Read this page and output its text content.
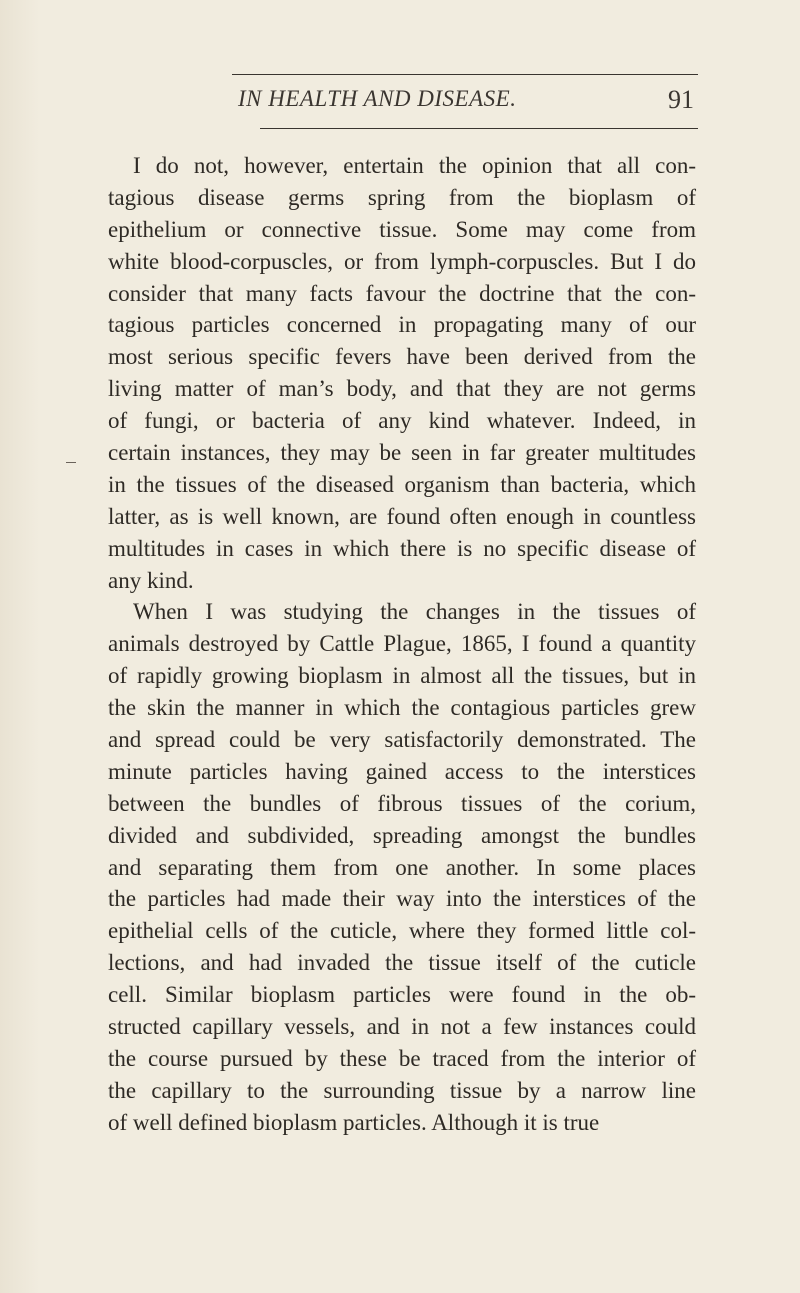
IN HEALTH AND DISEASE.	91
I do not, however, entertain the opinion that all con-
tagious disease germs spring from the bioplasm of
epithelium or connective tissue. Some may come from
white blood-corpuscles, or from lymph-corpuscles. But I do
consider that many facts favour the doctrine that the con-
tagious particles concerned in propagating many of our
most serious specific fevers have been derived from the
living matter of man’s body, and that they are not germs
of fungi, or bacteria of any kind whatever. Indeed, in
certain instances, they may be seen in far greater multitudes
in the tissues of the diseased organism than bacteria, which
latter, as is well known, are found often enough in countless
multitudes in cases in which there is no specific disease of
any kind.
When I was studying the changes in the tissues of
animals destroyed by Cattle Plague, 1865, I found a quantity
of rapidly growing bioplasm in almost all the tissues, but in
the skin the manner in which the contagious particles grew
and spread could be very satisfactorily demonstrated. The
minute particles having gained access to the interstices
between the bundles of fibrous tissues of the corium,
divided and subdivided, spreading amongst the bundles
and separating them from one another. In some places
the particles had made their way into the interstices of the
epithelial cells of the cuticle, where they formed little col-
lections, and had invaded the tissue itself of the cuticle
cell. Similar bioplasm particles were found in the ob-
structed capillary vessels, and in not a few instances could
the course pursued by these be traced from the interior of
the capillary to the surrounding tissue by a narrow line
of well defined bioplasm particles. Although it is true
